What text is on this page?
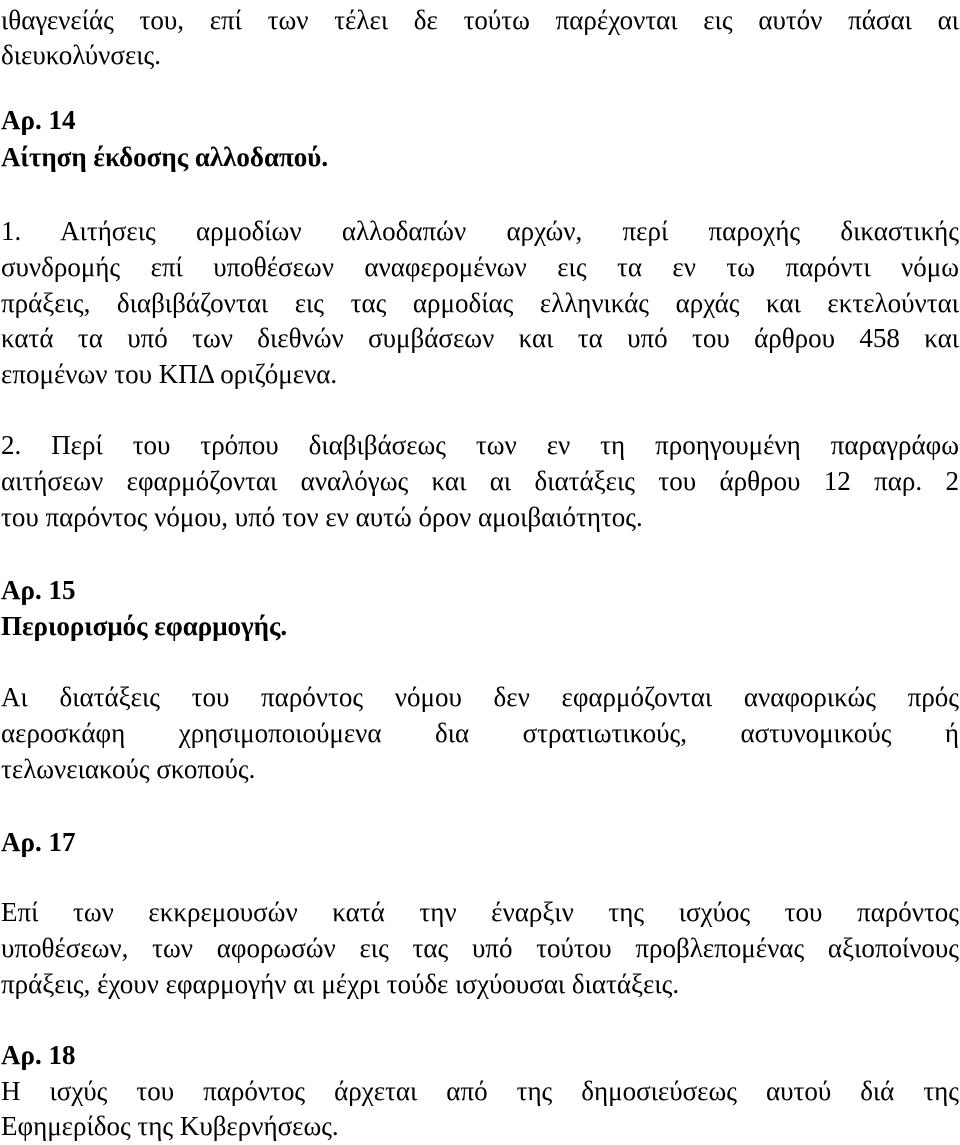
ιθαγενείάς του, επί των τέλει δε τούτω παρέχονται εις αυτόν πάσαι αι
διευκολύνσεις.
Αρ. 14
Αίτηση έκδοσης αλλοδαπού.
1. Αιτήσεις αρμοδίων αλλοδαπών αρχών, περί παροχής δικαστικής
συνδρομής επί υποθέσεων αναφερομένων εις τα εν τω παρόντι νόμω
πράξεις, διαβιβάζονται εις τας αρμοδίας ελληνικάς αρχάς και εκτελούνται
κατά τα υπό των διεθνών συμβάσεων και τα υπό του άρθρου 458 και
επομένων του ΚΠΔ οριζόμενα.
2. Περί του τρόπου διαβιβάσεως των εν τη προηγουμένη παραγράφω
αιτήσεων εφαρμόζονται αναλόγως και αι διατάξεις του άρθρου 12 παρ. 2
του παρόντος νόμου, υπό τον εν αυτώ όρον αμοιβαιότητος.
Αρ. 15
Περιορισμός εφαρμογής.
Αι διατάξεις του παρόντος νόμου δεν εφαρμόζονται αναφορικώς πρός
αεροσκάφη χρησιμοποιούμενα δια στρατιωτικούς, αστυνομικούς ή
τελωνειακούς σκοπούς.
Αρ. 17
Επί των εκκρεμουσών κατά την έναρξιν της ισχύος του παρόντος
υποθέσεων, των αφορωσών εις τας υπό τούτου προβλεπομένας αξιοποίνους
πράξεις, έχουν εφαρμογήν αι μέχρι τούδε ισχύουσαι διατάξεις.
Αρ. 18
Η ισχύς του παρόντος άρχεται από της δημοσιεύσεως αυτού διά της
Εφημερίδος της Κυβερνήσεως.
